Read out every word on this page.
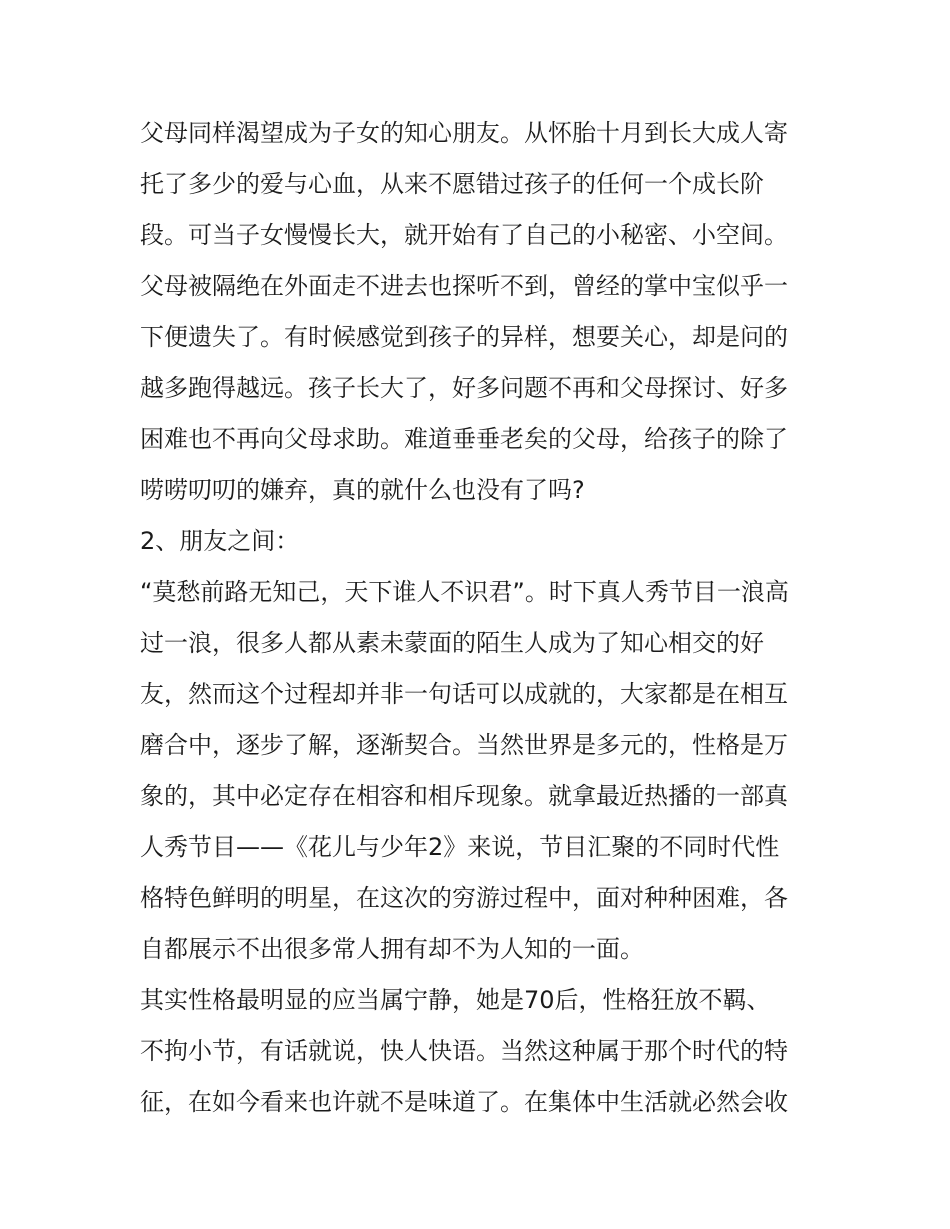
父母同样渴望成为子女的知心朋友。从怀胎十月到长大成人寄
托了多少的爱与心血，从来不愿错过孩子的任何一个成长阶
段。可当子女慢慢长大，就开始有了自己的小秘密、小空间。
父母被隔绝在外面走不进去也探听不到，曾经的掌中宝似乎一
下便遗失了。有时候感觉到孩子的异样，想要关心，却是问的
越多跑得越远。孩子长大了，好多问题不再和父母探讨、好多
困难也不再向父母求助。难道垂垂老矣的父母，给孩子的除了
唠唠叨叨的嫌弃，真的就什么也没有了吗?
2、朋友之间：
“莫愁前路无知己，天下谁人不识君”。时下真人秀节目一浪高
过一浪，很多人都从素未蒙面的陌生人成为了知心相交的好
友，然而这个过程却并非一句话可以成就的，大家都是在相互
磨合中，逐步了解，逐渐契合。当然世界是多元的，性格是万
象的，其中必定存在相容和相斥现象。就拿最近热播的一部真
人秀节目——《花儿与少年2》来说，节目汇聚的不同时代性
格特色鲜明的明星，在这次的穷游过程中，面对种种困难，各
自都展示不出很多常人拥有却不为人知的一面。
其实性格最明显的应当属宁静，她是70后，性格狂放不羁、
不拘小节，有话就说，快人快语。当然这种属于那个时代的特
征，在如今看来也许就不是味道了。在集体中生活就必然会收
